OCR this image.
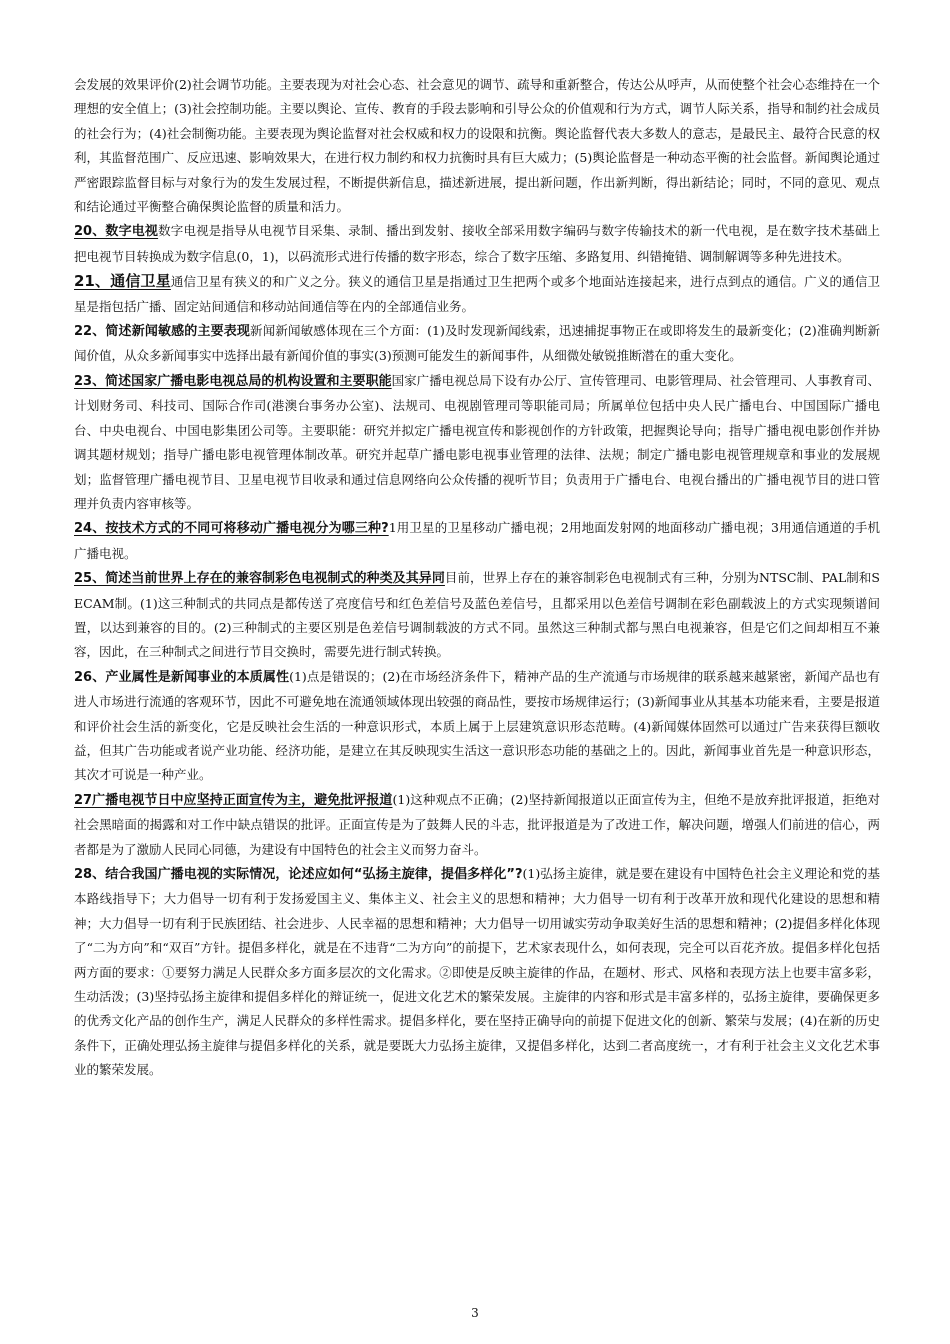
会发展的效果评价(2)社会调节功能。主要表现为对社会心态、社会意见的调节、疏导和重新整合，传达公从呼声，从而使整个社会心态维持在一个理想的安全值上；(3)社会控制功能。主要以舆论、宣传、教育的手段去影响和引导公众的价值观和行为方式，调节人际关系，指导和制约社会成员的社会行为；(4)社会制衡功能。主要表现为舆论监督对社会权威和权力的设限和抗衡。舆论监督代表大多数人的意志，是最民主、最符合民意的权利，其监督范围广、反应迅速、影响效果大，在进行权力制约和权力抗衡时具有巨大威力；(5)舆论监督是一种动态平衡的社会监督。新闻舆论通过严密跟踪监督目标与对象行为的发生发展过程，不断提供新信息，描述新进展，提出新问题，作出新判断，得出新结论；同时，不同的意见、观点和结论通过平衡整合确保舆论监督的质量和活力。

20、数字电视数字电视是指导从电视节目采集、录制、播出到发射、接收全部采用数字编码与数字传输技术的新一代电视，是在数字技术基础上把电视节目转换成为数字信息(0，1)，以码流形式进行传播的数字形态，综合了数字压缩、多路复用、纠错掩错、调制解调等多种先进技术。

21、通信卫星通信卫星有狭义的和广义之分。狭义的通信卫星是指通过卫生把两个或多个地面站连接起来，进行点到点的通信。广义的通信卫星是指包括广播、固定站间通信和移动站间通信等在内的全部通信业务。

22、简述新闻敏感的主要表现新闻新闻敏感体现在三个方面：(1)及时发现新闻线索，迅速捕捉事物正在或即将发生的最新变化；(2)准确判断新闻价值，从众多新闻事实中选择出最有新闻价值的事实(3)预测可能发生的新闻事件，从细微处敏锐推断潜在的重大变化。

23、简述国家广播电影电视总局的机构设置和主要职能国家广播电视总局下设有办公厅、宣传管理司、电影管理局、社会管理司、人事教育司、计划财务司、科技司、国际合作司(港澳台事务办公室)、法规司、电视剧管理司等职能司局；所属单位包括中央人民广播电台、中国国际广播电台、中央电视台、中国电影集团公司等。主要职能：研究并拟定广播电视宣传和影视创作的方针政策，把握舆论导向；指导广播电视电影创作并协调其题材规划；指导广播电影电视管理体制改革。研究并起草广播电影电视事业管理的法律、法规；制定广播电影电视管理规章和事业的发展规划；监督管理广播电视节目、卫星电视节目收录和通过信息网络向公众传播的视听节目；负责用于广播电台、电视台播出的广播电视节目的进口管理并负责内容审核等。

24、按技术方式的不同可将移动广播电视分为哪三种?1用卫星的卫星移动广播电视；2用地面发射网的地面移动广播电视；3用通信通道的手机广播电视。

25、简述当前世界上存在的兼容制彩色电视制式的种类及其异同目前，世界上存在的兼容制彩色电视制式有三种，分别为NTSC制、PAL制和SECAM制。(1)这三种制式的共同点是都传送了亮度信号和红色差信号及蓝色差信号，且都采用以色差信号调制在彩色副载波上的方式实现频谱间置，以达到兼容的目的。(2)三种制式的主要区别是色差信号调制载波的方式不同。虽然这三种制式都与黑白电视兼容，但是它们之间却相互不兼容，因此，在三种制式之间进行节目交换时，需要先进行制式转换。

26、产业属性是新闻事业的本质属性(1)点是错误的；(2)在市场经济条件下，精神产品的生产流通与市场规律的联系越来越紧密，新闻产品也有进人市场进行流通的客观环节，因此不可避免地在流通领域体现出较强的商品性，要按市场规律运行；(3)新闻事业从其基本功能来看，主要是报道和评价社会生活的新变化，它是反映社会生活的一种意识形式，本质上属于上层建筑意识形态范畴。(4)新闻媒体固然可以通过广告来获得巨额收益，但其广告功能或者说产业功能、经济功能，是建立在其反映现实生活这一意识形态功能的基础之上的。因此，新闻事业首先是一种意识形态，其次才可说是一种产业。

27广播电视节日中应坚持正面宣传为主，避免批评报道(1)这种观点不正确；(2)坚持新闻报道以正面宣传为主，但绝不是放弃批评报道，拒绝对社会黑暗面的揭露和对工作中缺点错误的批评。正面宣传是为了鼓舞人民的斗志，批评报道是为了改进工作，解决问题，增强人们前进的信心，两者都是为了激励人民同心同德，为建设有中国特色的社会主义而努力奋斗。

28、结合我国广播电视的实际情况，论述应如何“弘扬主旋律，提倡多样化”?(1)弘扬主旋律，就是要在建设有中国特色社会主义理论和党的基本路线指导下；大力倡导一切有利于发扬爱国主义、集体主义、社会主义的思想和精神；大力倡导一切有利于改革开放和现代化建设的思想和精神；大力倡导一切有利于民族团结、社会进步、人民幸福的思想和精神；大力倡导一切用诚实劳动争取美好生活的思想和精神；(2)提倡多样化体现了“二为方向”和“双百”方针。提倡多样化，就是在不违背“二为方向”的前提下，艺术家表现什么，如何表现，完全可以百花齐放。提倡多样化包括两方面的要求：①要努力满足人民群众多方面多层次的文化需求。②即使是反映主旋律的作品，在题材、形式、风格和表现方法上也要丰富多彩，生动活泼；(3)坚持弘扬主旋律和提倡多样化的辩证统一，促进文化艺术的繁荣发展。主旋律的内容和形式是丰富多样的，弘扬主旋律，要确保更多的优秀文化产品的创作生产，满足人民群众的多样性需求。提倡多样化，要在坚持正确导向的前提下促进文化的创新、繁荣与发展；(4)在新的历史条件下，正确处理弘扬主旋律与提倡多样化的关系，就是要既大力弘扬主旋律，又提倡多样化，达到二者高度统一，才有利于社会主义文化艺术事业的繁荣发展。

3
